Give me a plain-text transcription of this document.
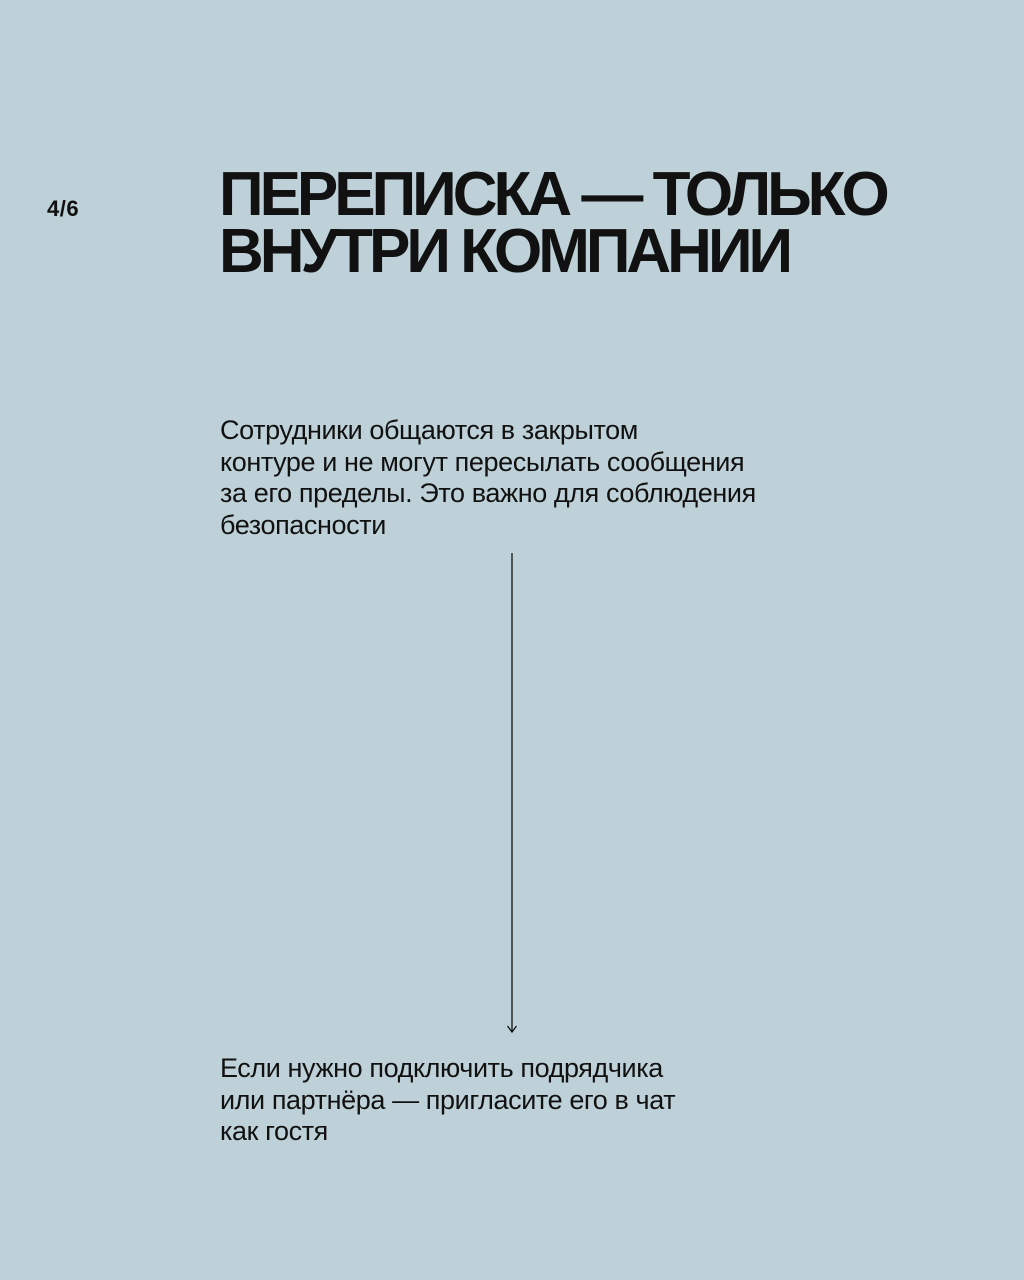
4/6 ПЕРЕПИСКА — ТОЛЬКО
ВНУТРИ КОМПАНИИ

Сотрудники общаются в закрытом
контуре и не могут пересылать сообщения
за его пределы. Это важно для соблюдения
безопасности

Если нужно подключить подрядчика
или партнёра — пригласите его в чат
как гостя
